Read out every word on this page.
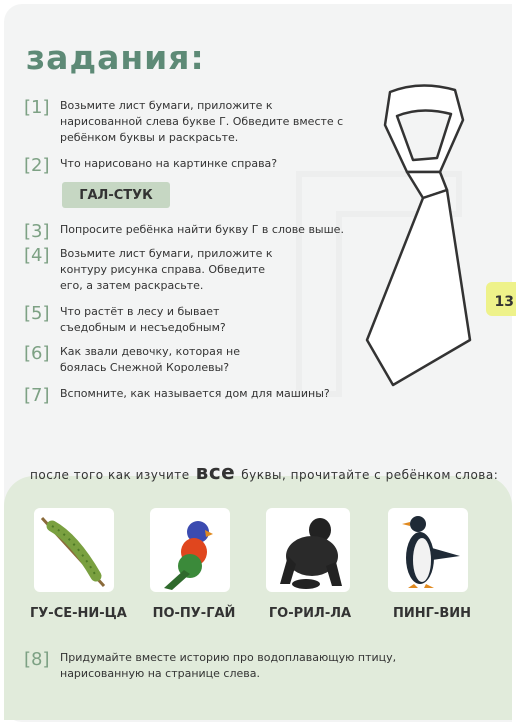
задания:
[1] Возьмите лист бумаги, приложите к нарисованной слева букве Г. Обведите вместе с ребёнком буквы и раскрасьте.
[2] Что нарисовано на картинке справа?
ГАЛ-СТУК
[3] Попросите ребёнка найти букву Г в слове выше.
[4] Возьмите лист бумаги, приложите к контуру рисунка справа. Обведите его, а затем раскрасьте.
[5] Что растёт в лесу и бывает съедобным и несъедобным?
[6] Как звали девочку, которая не боялась Снежной Королевы?
[7] Вспомните, как называется дом для машины?
13
после того как изучите все буквы, прочитайте с ребёнком слова:
ГУ-СЕ-НИ-ЦА	ПО-ПУ-ГАЙ	ГО-РИЛ-ЛА	ПИНГ-ВИН
[8] Придумайте вместе историю про водоплавающую птицу, нарисованную на странице слева.
